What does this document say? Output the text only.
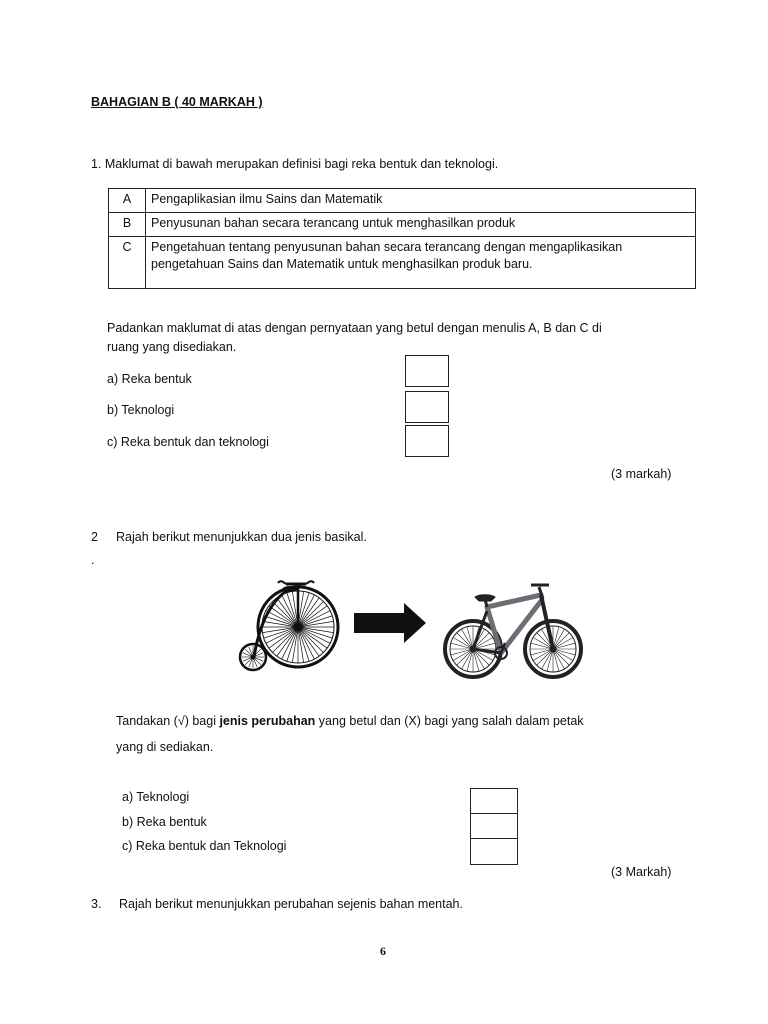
BAHAGIAN B ( 40 MARKAH )
1. Maklumat di bawah merupakan definisi bagi reka bentuk dan teknologi.
A	Pengaplikasian ilmu Sains dan Matematik
B	Penyusunan bahan secara terancang untuk menghasilkan produk
C	Pengetahuan tentang penyusunan bahan secara terancang dengan mengaplikasikan pengetahuan Sains dan Matematik untuk menghasilkan produk baru.
Padankan maklumat di atas dengan pernyataan yang betul dengan menulis A, B dan C di
ruang yang disediakan.
a) Reka bentuk
b) Teknologi
c) Reka bentuk dan teknologi
(3 markah)
2 Rajah berikut menunjukkan dua jenis basikal.
.
Tandakan (√) bagi jenis perubahan yang betul dan (X) bagi yang salah dalam petak
yang di sediakan.
a) Teknologi
b) Reka bentuk
c) Reka bentuk dan Teknologi
(3 Markah)
3. Rajah berikut menunjukkan perubahan sejenis bahan mentah.
6
